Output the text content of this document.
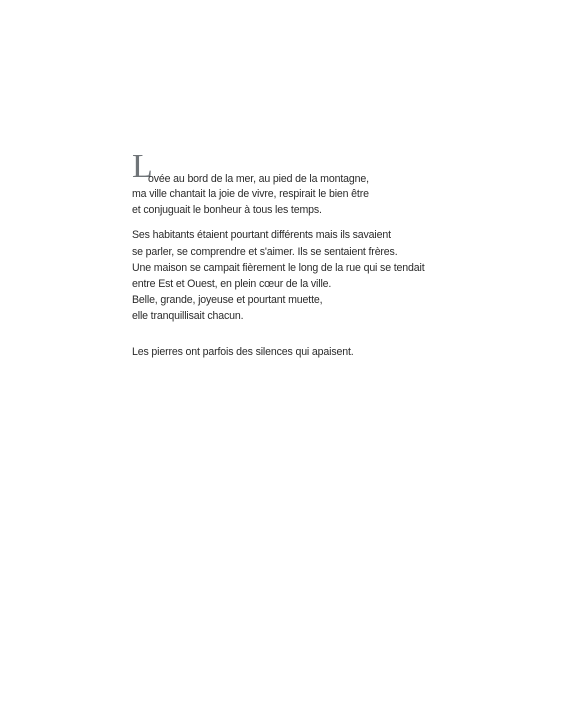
L
ovée au bord de la mer, au pied de la montagne,
ma ville chantait la joie de vivre, respirait le bien être
et conjuguait le bonheur à tous les temps.
Ses habitants étaient pourtant différents mais ils savaient
se parler, se comprendre et s'aimer. Ils se sentaient frères.
Une maison se campait fièrement le long de la rue qui se tendait
entre Est et Ouest, en plein cœur de la ville.
Belle, grande, joyeuse et pourtant muette,
elle tranquillisait chacun.
Les pierres ont parfois des silences qui apaisent.
